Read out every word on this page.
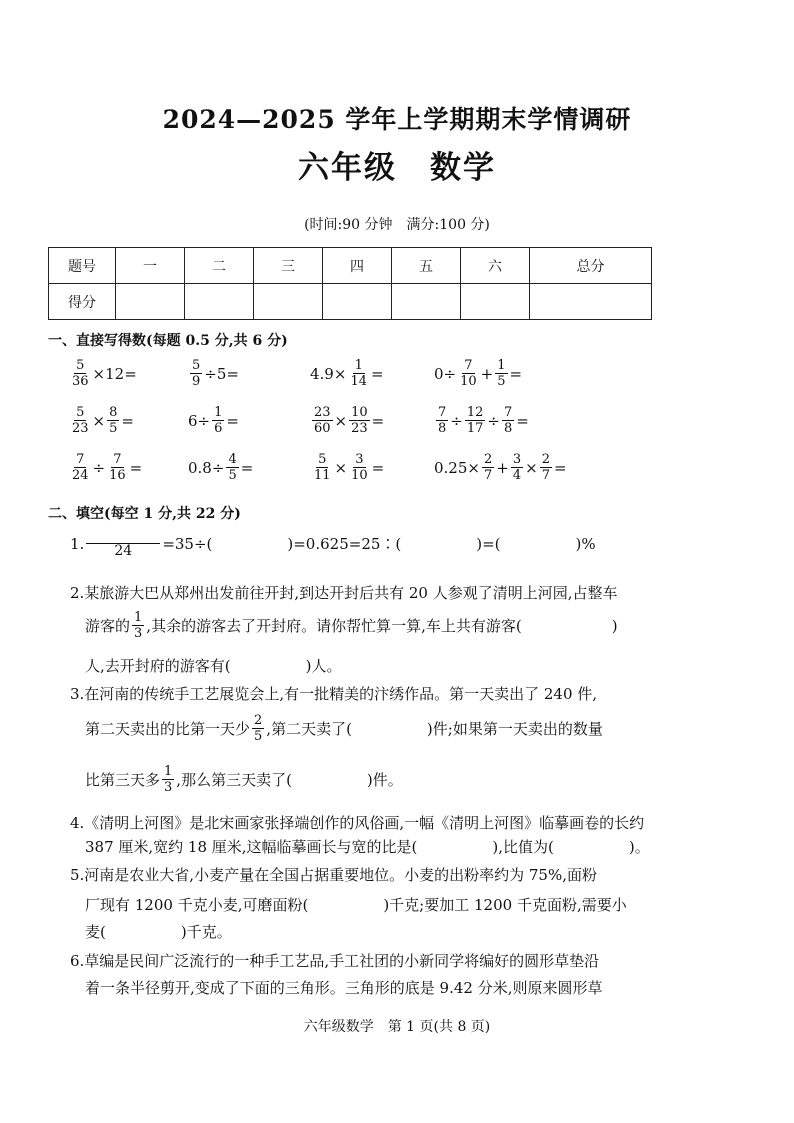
2024—2025 学年上学期期末学情调研
六年级　数学
(时间:90 分钟　满分:100 分)
题号	一	二	三	四	五	六	总分
得分							
一、直接写得数(每题 0.5 分,共 6 分)
$\frac{5}{36} \times 12=$	$\frac{5}{9} \div 5=$	$4.9\times \frac{1}{14}$ =	$0\div \frac{7}{10} + \frac{1}{5}$ =
$\frac{5}{23} \times \frac{8}{5}$ =	$6\div \frac{1}{6}$ =	$\frac{23}{60} \times \frac{10}{23}$ =	$\frac{7}{8} \div \frac{12}{17} \div \frac{7}{8}$ =
$\frac{7}{24} \div \frac{7}{16}$ =	$0.8\div \frac{4}{5}$ =	$\frac{5}{11} \times \frac{3}{10}$ =	$0.25\times \frac{2}{7} + \frac{3}{4} \times \frac{2}{7}$ =
二、填空(每空 1 分,共 22 分)
1.
24 =35÷(　　　　　)=0.625=25∶(　　　　　)=(　　　　　)%
2.某旅游大巴从郑州出发前往开封,到达开封后共有 20 人参观了清明上河园,占整车
游客的 $\frac{1}{3}$ ,其余的游客去了开封府。请你帮忙算一算,车上共有游客(　　　　　　)
人,去开封府的游客有(　　　　　)人。
3.在河南的传统手工艺展览会上,有一批精美的汴绣作品。第一天卖出了 240 件,
第二天卖出的比第一天少 $\frac{2}{5}$ ,第二天卖了(　　　　　)件;如果第一天卖出的数量
比第三天多 $\frac{1}{3}$ ,那么第三天卖了(　　　　　)件。
4.《清明上河图》是北宋画家张择端创作的风俗画,一幅《清明上河图》临摹画卷的长约
387 厘米,宽约 18 厘米,这幅临摹画长与宽的比是(　　　　　),比值为(　　　　　)。
5.河南是农业大省,小麦产量在全国占据重要地位。小麦的出粉率约为 75%,面粉
厂现有 1200 千克小麦,可磨面粉(　　　　　)千克;要加工 1200 千克面粉,需要小
麦(　　　　　)千克。
6.草编是民间广泛流行的一种手工艺品,手工社团的小新同学将编好的圆形草垫沿
着一条半径剪开,变成了下面的三角形。三角形的底是 9.42 分米,则原来圆形草
六年级数学　第 1 页(共 8 页)
